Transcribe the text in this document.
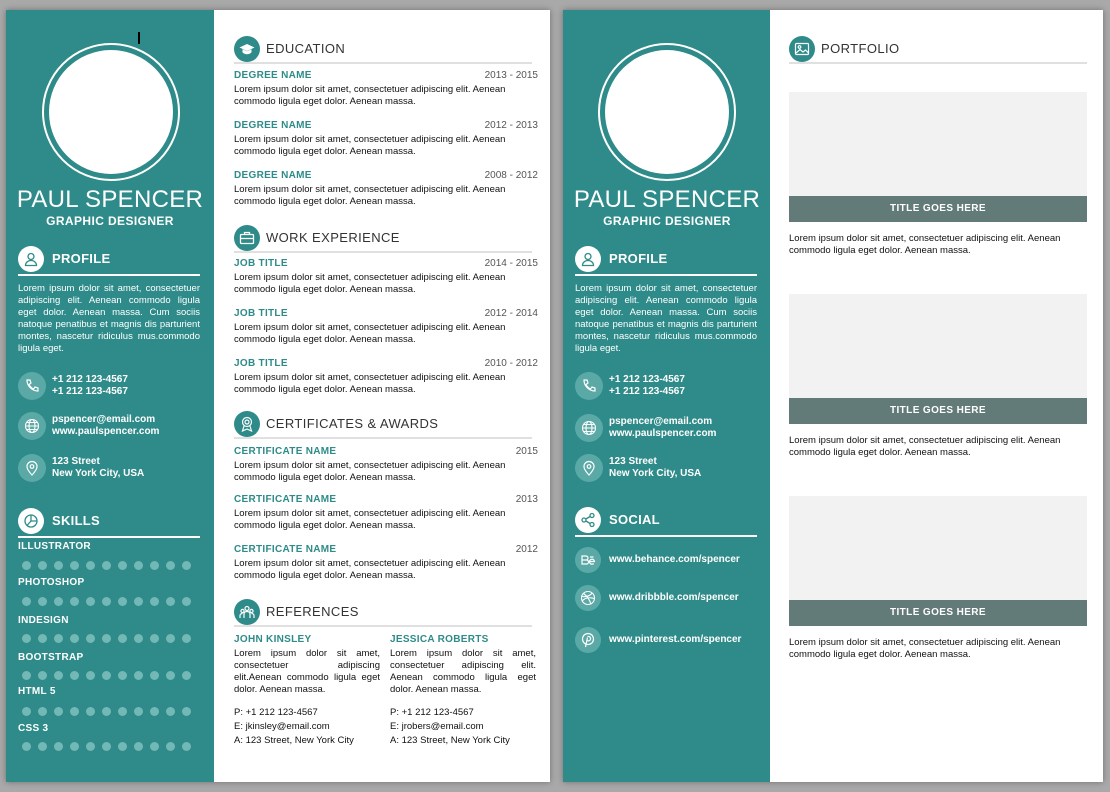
PAUL SPENCER
GRAPHIC DESIGNER
PROFILE
Lorem ipsum dolor sit amet, consectetuer adipiscing elit. Aenean commodo ligula eget dolor. Aenean massa. Cum sociis natoque penatibus et magnis dis parturient montes, nascetur ridiculus mus.commodo ligula eget.
+1 212 123-4567
+1 212 123-4567
pspencer@email.com
www.paulspencer.com
123 Street
New York City, USA
SKILLS
ILLUSTRATOR
PHOTOSHOP
INDESIGN
BOOTSTRAP
HTML 5
CSS 3
EDUCATION
DEGREE NAME	2013 - 2015
Lorem ipsum dolor sit amet, consectetuer adipiscing elit. Aenean commodo ligula eget dolor. Aenean massa.
DEGREE NAME	2012 - 2013
Lorem ipsum dolor sit amet, consectetuer adipiscing elit. Aenean commodo ligula eget dolor. Aenean massa.
DEGREE NAME	2008 - 2012
Lorem ipsum dolor sit amet, consectetuer adipiscing elit. Aenean commodo ligula eget dolor. Aenean massa.
WORK EXPERIENCE
JOB TITLE	2014 - 2015
Lorem ipsum dolor sit amet, consectetuer adipiscing elit. Aenean commodo ligula eget dolor. Aenean massa.
JOB TITLE	2012 - 2014
Lorem ipsum dolor sit amet, consectetuer adipiscing elit. Aenean commodo ligula eget dolor. Aenean massa.
JOB TITLE	2010 - 2012
Lorem ipsum dolor sit amet, consectetuer adipiscing elit. Aenean commodo ligula eget dolor. Aenean massa.
CERTIFICATES & AWARDS
CERTIFICATE NAME	2015
Lorem ipsum dolor sit amet, consectetuer adipiscing elit. Aenean commodo ligula eget dolor. Aenean massa.
CERTIFICATE NAME	2013
Lorem ipsum dolor sit amet, consectetuer adipiscing elit. Aenean commodo ligula eget dolor. Aenean massa.
CERTIFICATE NAME	2012
Lorem ipsum dolor sit amet, consectetuer adipiscing elit. Aenean commodo ligula eget dolor. Aenean massa.
REFERENCES
JOHN KINSLEY
Lorem ipsum dolor sit amet, consectetuer adipiscing elit.Aenean commodo ligula eget dolor. Aenean massa.
P: +1 212 123-4567
E: jkinsley@email.com
A: 123 Street, New York City
JESSICA ROBERTS
Lorem ipsum dolor sit amet, consectetuer adipiscing elit. Aenean commodo ligula eget dolor. Aenean massa.
P: +1 212 123-4567
E: jrobers@email.com
A: 123 Street, New York City
PAUL SPENCER
GRAPHIC DESIGNER
PROFILE
Lorem ipsum dolor sit amet, consectetuer adipiscing elit. Aenean commodo ligula eget dolor. Aenean massa. Cum sociis natoque penatibus et magnis dis parturient montes, nascetur ridiculus mus.commodo ligula eget.
+1 212 123-4567
+1 212 123-4567
pspencer@email.com
www.paulspencer.com
123 Street
New York City, USA
SOCIAL
www.behance.com/spencer
www.dribbble.com/spencer
www.pinterest.com/spencer
PORTFOLIO
TITLE GOES HERE
Lorem ipsum dolor sit amet, consectetuer adipiscing elit. Aenean commodo ligula eget dolor. Aenean massa.
TITLE GOES HERE
Lorem ipsum dolor sit amet, consectetuer adipiscing elit. Aenean commodo ligula eget dolor. Aenean massa.
TITLE GOES HERE
Lorem ipsum dolor sit amet, consectetuer adipiscing elit. Aenean commodo ligula eget dolor. Aenean massa.
